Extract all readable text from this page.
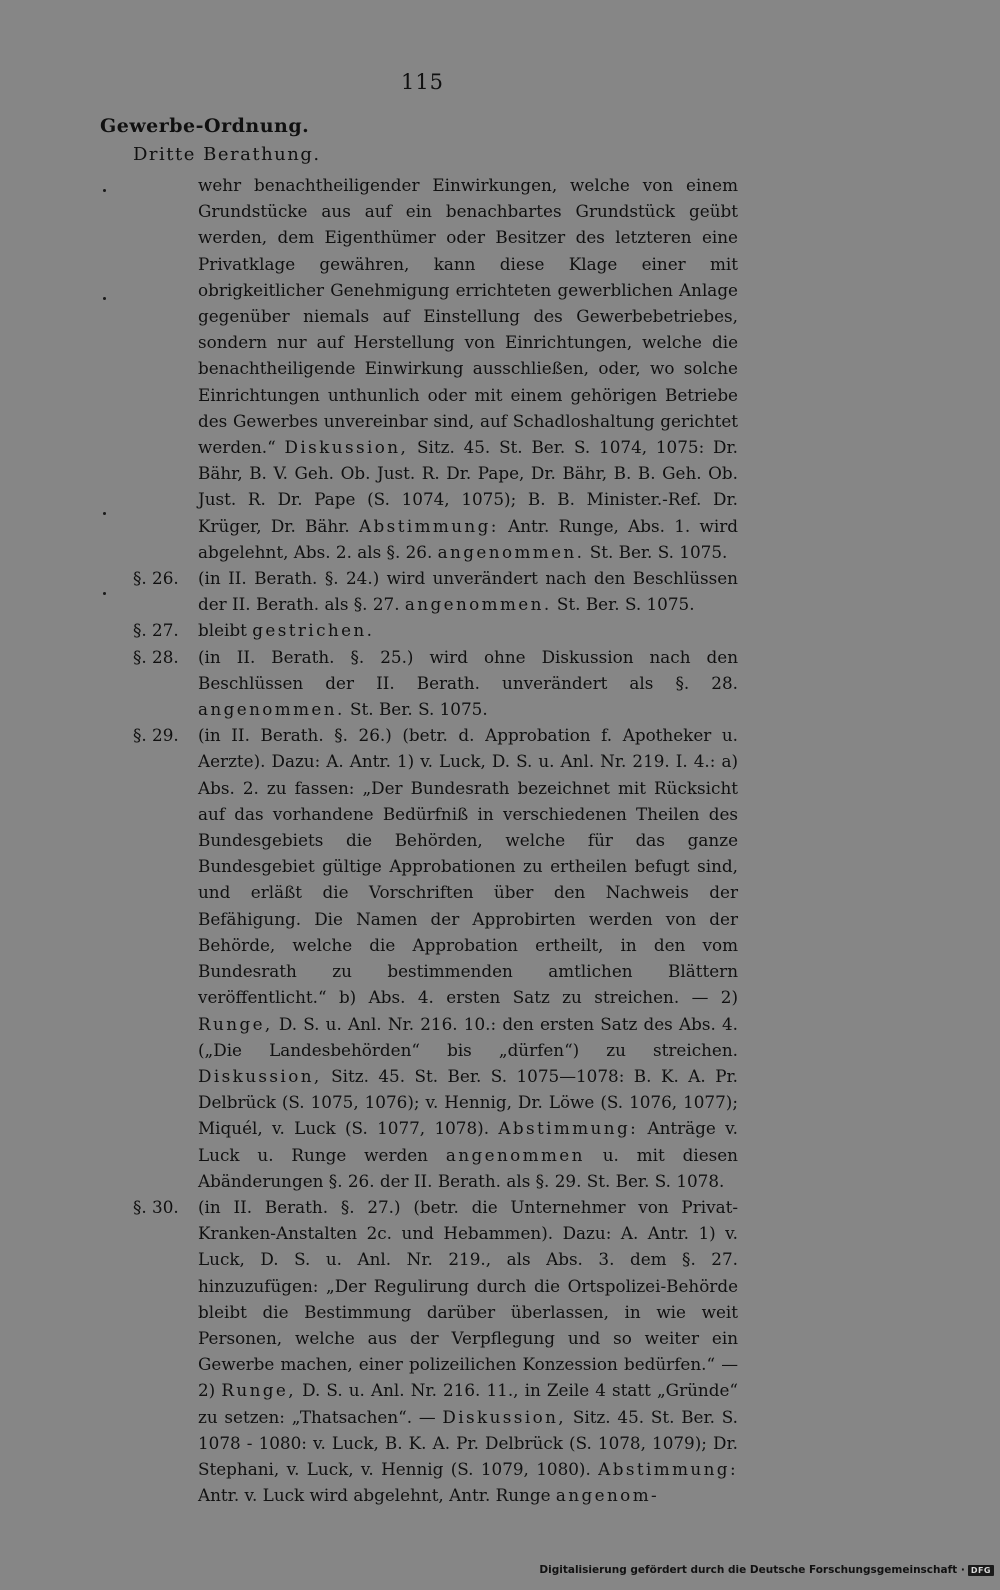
115
Gewerbe-Ordnung.
Dritte Berathung.
wehr benachtheiligender Einwirkungen, welche von einem Grundstücke aus auf ein benachbartes Grundstück geübt werden, dem Eigenthümer oder Besitzer des letzteren eine Privatklage gewähren, kann diese Klage einer mit obrigkeitlicher Genehmigung errichteten gewerblichen Anlage gegenüber niemals auf Einstellung des Gewerbebetriebes, sondern nur auf Herstellung von Einrichtungen, welche die benachtheiligende Einwirkung ausschließen, oder, wo solche Einrichtungen unthunlich oder mit einem gehörigen Betriebe des Gewerbes unvereinbar sind, auf Schadloshaltung gerichtet werden.“ Diskussion, Sitz. 45. St. Ber. S. 1074, 1075: Dr. Bähr, B. V. Geh. Ob. Just. R. Dr. Pape, Dr. Bähr, B. B. Geh. Ob. Just. R. Dr. Pape (S. 1074, 1075); B. B. Minister.-Ref. Dr. Krüger, Dr. Bähr. Abstimmung: Antr. Runge, Abs. 1. wird abgelehnt, Abs. 2. als §. 26. angenommen. St. Ber. S. 1075.
§. 26.	(in II. Berath. §. 24.) wird unverändert nach den Beschlüssen der II. Berath. als §. 27. angenommen. St. Ber. S. 1075.
§. 27.	bleibt gestrichen.
§. 28.	(in II. Berath. §. 25.) wird ohne Diskussion nach den Beschlüssen der II. Berath. unverändert als §. 28. angenommen. St. Ber. S. 1075.
§. 29.	(in II. Berath. §. 26.) (betr. d. Approbation f. Apotheker u. Aerzte). Dazu: A. Antr. 1) v. Luck, D. S. u. Anl. Nr. 219. I. 4.: a) Abs. 2. zu fassen: „Der Bundesrath bezeichnet mit Rücksicht auf das vorhandene Bedürfniß in verschiedenen Theilen des Bundesgebiets die Behörden, welche für das ganze Bundesgebiet gültige Approbationen zu ertheilen befugt sind, und erläßt die Vorschriften über den Nachweis der Befähigung. Die Namen der Approbirten werden von der Behörde, welche die Approbation ertheilt, in den vom Bundesrath zu bestimmenden amtlichen Blättern veröffentlicht.“ b) Abs. 4. ersten Satz zu streichen. — 2) Runge, D. S. u. Anl. Nr. 216. 10.: den ersten Satz des Abs. 4. („Die Landesbehörden“ bis „dürfen“) zu streichen. Diskussion, Sitz. 45. St. Ber. S. 1075—1078: B. K. A. Pr. Delbrück (S. 1075, 1076); v. Hennig, Dr. Löwe (S. 1076, 1077); Miquél, v. Luck (S. 1077, 1078). Abstimmung: Anträge v. Luck u. Runge werden angenommen u. mit diesen Abänderungen §. 26. der II. Berath. als §. 29. St. Ber. S. 1078.
§. 30.	(in II. Berath. §. 27.) (betr. die Unternehmer von Privat-Kranken-Anstalten 2c. und Hebammen). Dazu: A. Antr. 1) v. Luck, D. S. u. Anl. Nr. 219., als Abs. 3. dem §. 27. hinzuzufügen: „Der Regulirung durch die Ortspolizei-Behörde bleibt die Bestimmung darüber überlassen, in wie weit Personen, welche aus der Verpflegung und so weiter ein Gewerbe machen, einer polizeilichen Konzession bedürfen.“ — 2) Runge, D. S. u. Anl. Nr. 216. 11., in Zeile 4 statt „Gründe“ zu setzen: „Thatsachen“. — Diskussion, Sitz. 45. St. Ber. S. 1078 - 1080: v. Luck, B. K. A. Pr. Delbrück (S. 1078, 1079); Dr. Stephani, v. Luck, v. Hennig (S. 1079, 1080). Abstimmung: Antr. v. Luck wird abgelehnt, Antr. Runge angenom-
Digitalisierung gefördert durch die Deutsche Forschungsgemeinschaft · DFG
